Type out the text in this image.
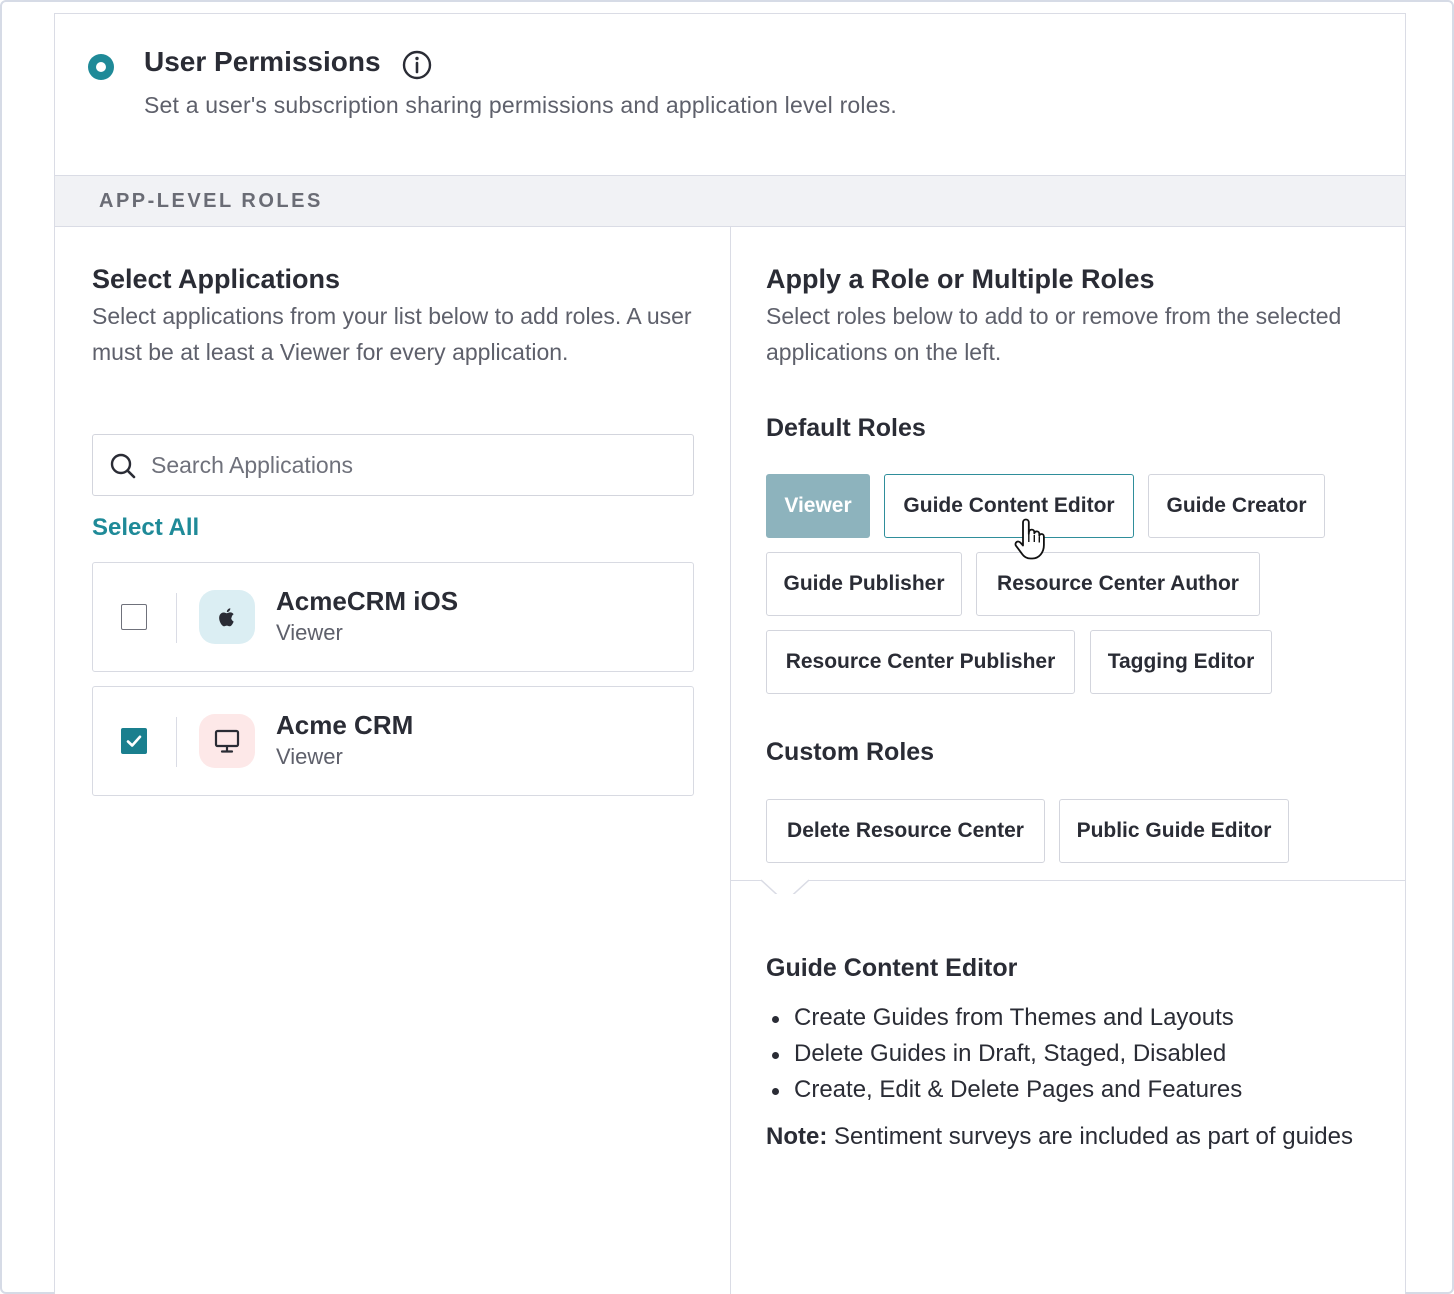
User Permissions
Set a user's subscription sharing permissions and application level roles.
APP-LEVEL ROLES
Select Applications
Select applications from your list below to add roles. A user must be at least a Viewer for every application.
Search Applications
Select All
AcmeCRM iOS
Viewer
Acme CRM
Viewer
Apply a Role or Multiple Roles
Select roles below to add to or remove from the selected applications on the left.
Default Roles
Viewer	Guide Content Editor	Guide Creator
Guide Publisher	Resource Center Author
Resource Center Publisher	Tagging Editor
Custom Roles
Delete Resource Center	Public Guide Editor
Guide Content Editor
Create Guides from Themes and Layouts
Delete Guides in Draft, Staged, Disabled
Create, Edit & Delete Pages and Features
Note: Sentiment surveys are included as part of guides
